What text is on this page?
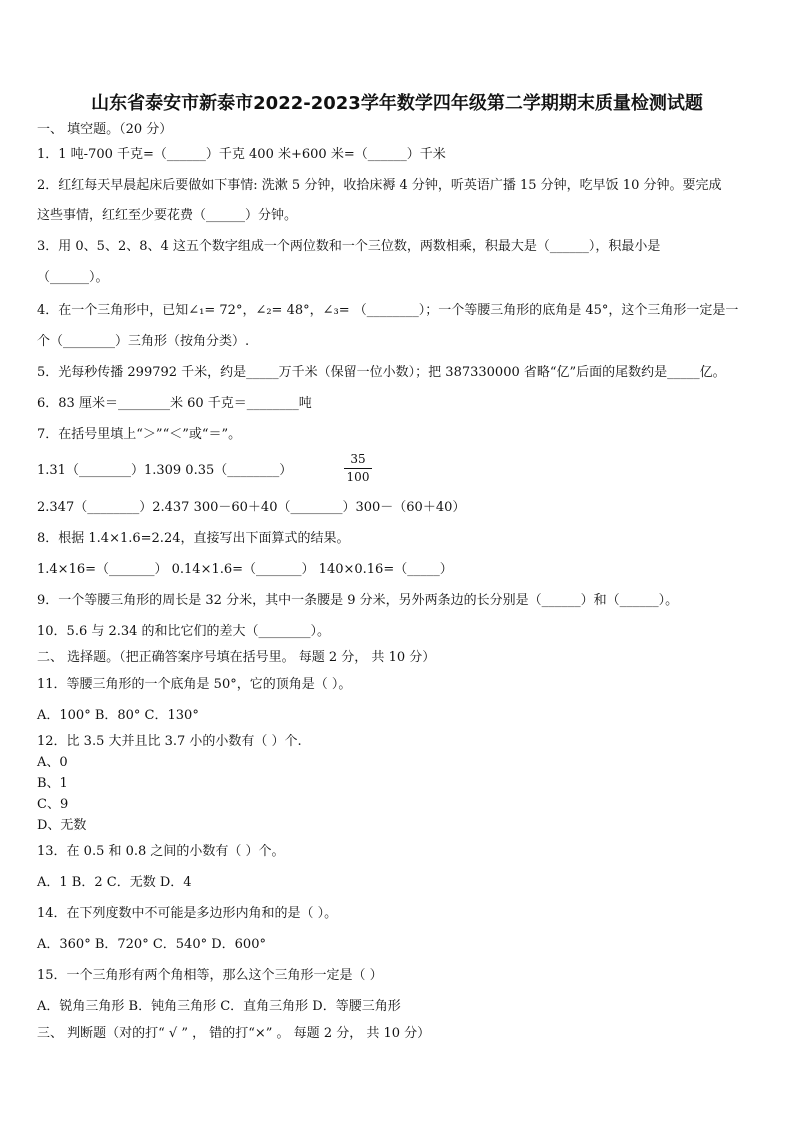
山东省泰安市新泰市2022-2023学年数学四年级第二学期期末质量检测试题
一、 填空题。（20 分）
1．1 吨-700 千克=（______）千克 400 米+600 米=（______）千米
2．红红每天早晨起床后要做如下事情: 洗漱 5 分钟，收拾床褥 4 分钟，听英语广播 15 分钟，吃早饭 10 分钟。要完成
这些事情，红红至少要花费（______）分钟。
3．用 0、5、2、8、4 这五个数字组成一个两位数和一个三位数，两数相乘，积最大是（______），积最小是
（______）。
4．在一个三角形中，已知∠₁= 72°，∠₂= 48°，∠₃= （________）；一个等腰三角形的底角是 45°，这个三角形一定是一
个（________）三角形（按角分类）.
5．光每秒传播 299792 千米，约是_____万千米（保留一位小数）；把 387330000 省略“亿”后面的尾数约是_____亿。
6．83 厘米＝________米 60 千克＝________吨
7．在括号里填上“＞”“＜”或“＝”。
1.31（________）1.309 0.35（________）
35
100
2.347（________）2.437 300－60＋40（________）300－（60＋40）
8．根据 1.4×1.6=2.24，直接写出下面算式的结果。
1.4×16=（_______） 0.14×1.6=（_______） 140×0.16=（_____）
9．一个等腰三角形的周长是 32 分米，其中一条腰是 9 分米，另外两条边的长分别是（______）和（______）。
10．5.6 与 2.34 的和比它们的差大（________）。
二、 选择题。（把正确答案序号填在括号里。 每题 2 分， 共 10 分）
11．等腰三角形的一个底角是 50°，它的顶角是（ ）。
A．100° B．80° C．130°
12．比 3.5 大并且比 3.7 小的小数有（ ）个.
A、0
B、1
C、9
D、无数
13．在 0.5 和 0.8 之间的小数有（ ）个。
A．1 B．2 C．无数 D．4
14．在下列度数中不可能是多边形内角和的是（ ）。
A．360° B．720° C．540° D．600°
15．一个三角形有两个角相等，那么这个三角形一定是（ ）
A．锐角三角形 B．钝角三角形 C．直角三角形 D．等腰三角形
三、 判断题（对的打“ √ ” ， 错的打“×” 。 每题 2 分， 共 10 分）
